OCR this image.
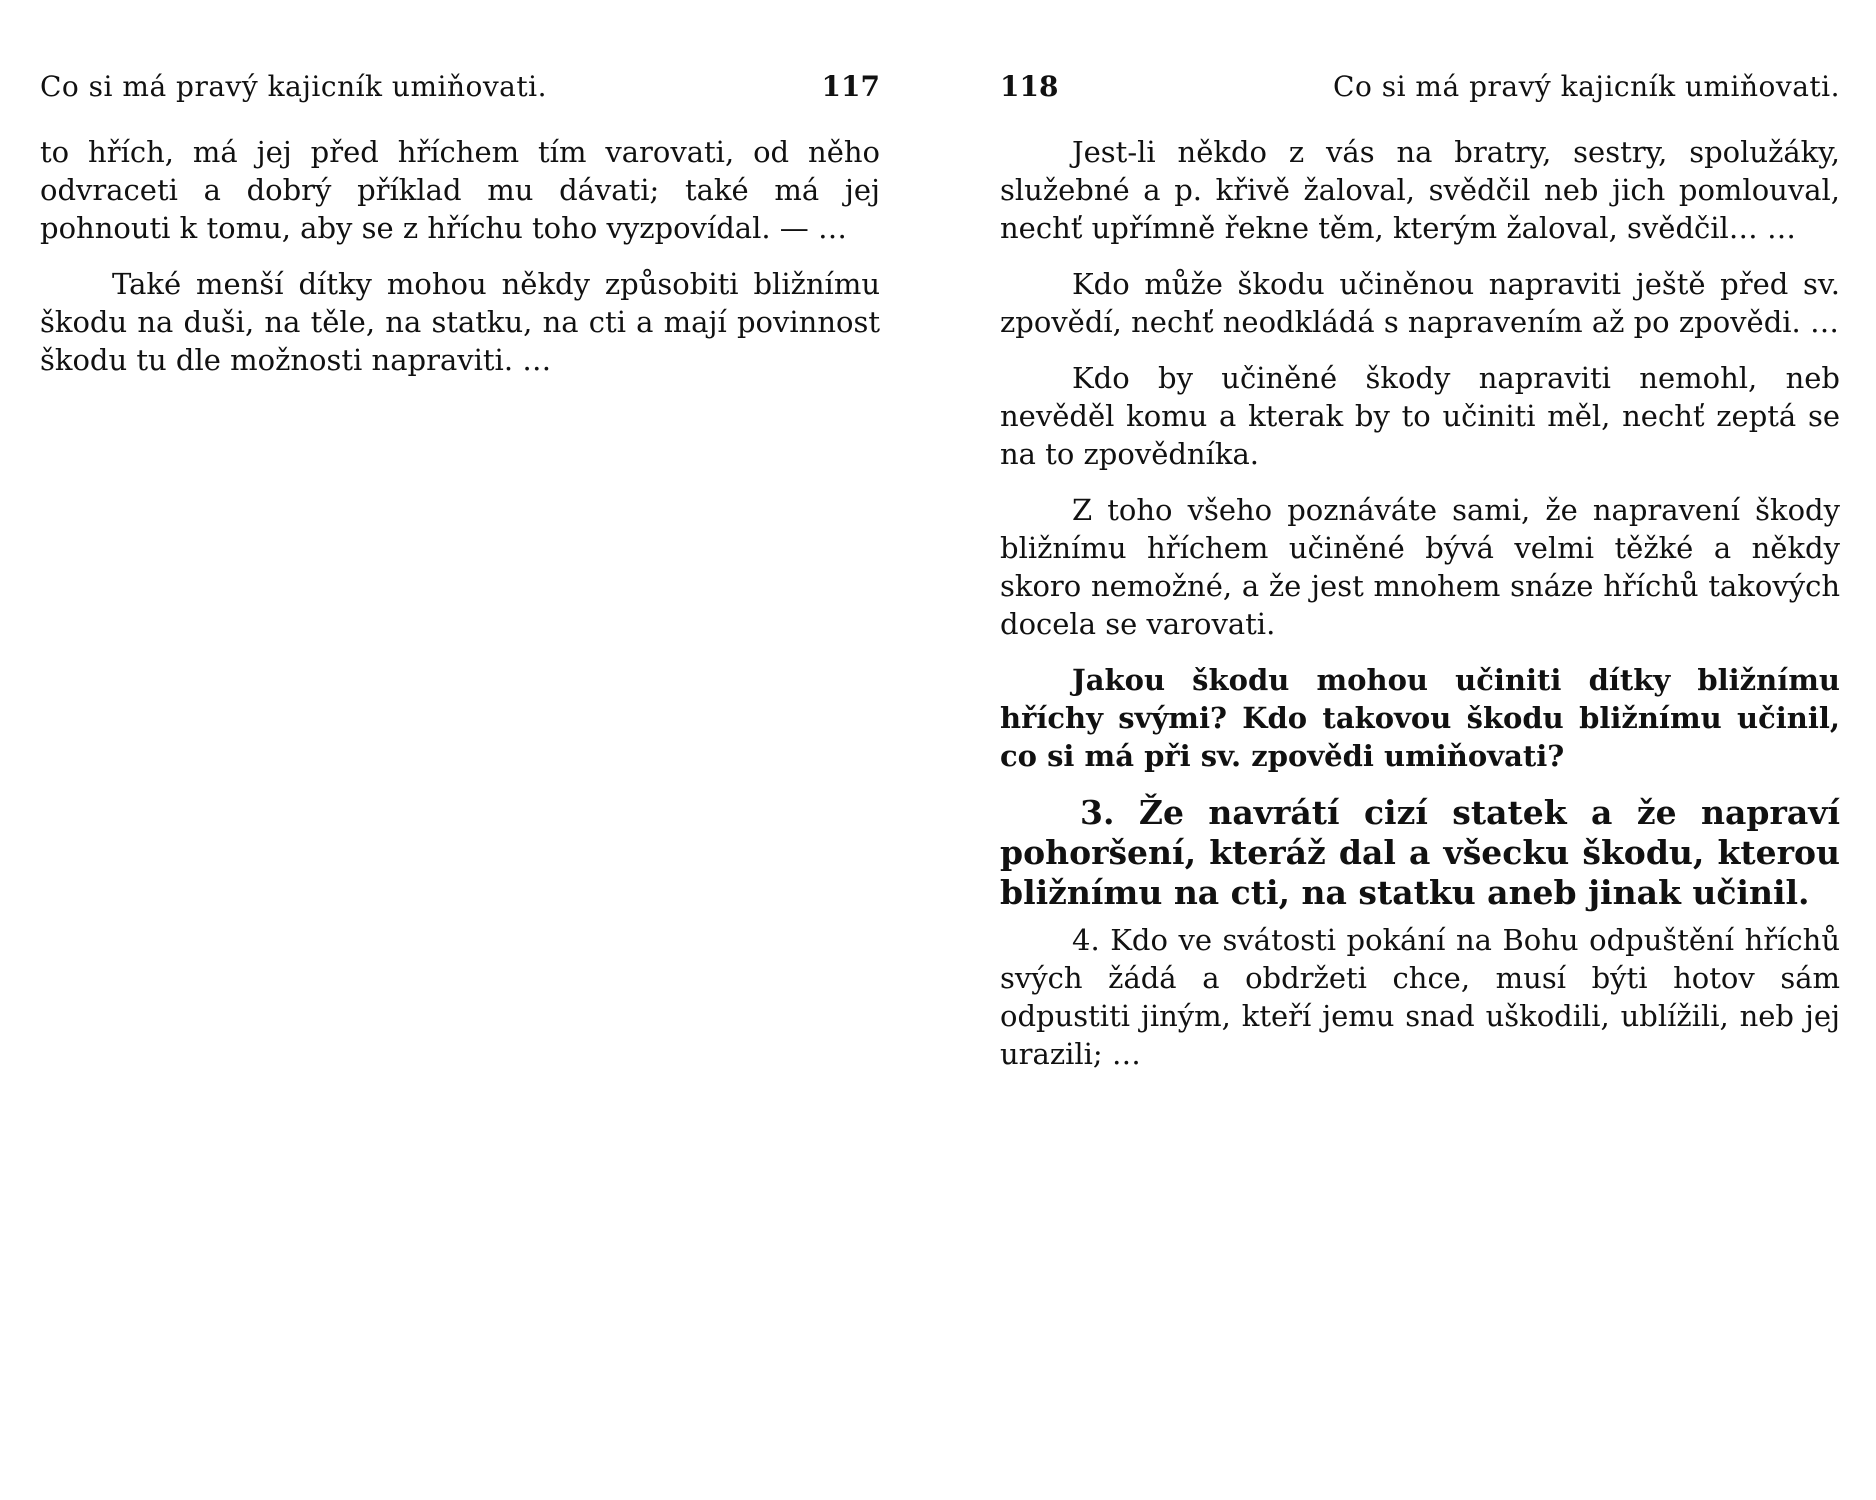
Co si má pravý kajicník umiňovati.	117

to hřích, má jej před hříchem tím varovati, od něho odvraceti a dobrý příklad mu dávati; také má jej pohnouti k tomu, aby se z hříchu toho vyzpovídal. — …

Také menší dítky mohou někdy způsobiti bližnímu škodu na duši, na těle, na statku, na cti a mají povinnost škodu tu dle možnosti napraviti. …

118	Co si má pravý kajicník umiňovati.

Jest-li někdo z vás na bratry, sestry, spolužáky, služebné a p. křivě žaloval, svědčil neb jich pomlouval, nechť upřímně řekne těm, kterým žaloval, svědčil… …

Kdo může škodu učiněnou napraviti ještě před sv. zpovědí, nechť neodkládá s napravením až po zpovědi. …

Kdo by učiněné škody napraviti nemohl, neb nevěděl komu a kterak by to učiniti měl, nechť zeptá se na to zpovědníka.

Z toho všeho poznáváte sami, že napravení škody bližnímu hříchem učiněné bývá velmi těžké a někdy skoro nemožné, a že jest mnohem snáze hříchů takových docela se varovati.

Jakou škodu mohou učiniti dítky bližnímu hříchy svými? Kdo takovou škodu bližnímu učinil, co si má při sv. zpovědi umiňovati?

3. Že navrátí cizí statek a že napraví pohoršení, kteráž dal a všecku škodu, kterou bližnímu na cti, na statku aneb jinak učinil.

4. Kdo ve svátosti pokání na Bohu odpuštění hříchů svých žádá a obdržeti chce, musí býti hotov sám odpustiti jiným, kteří jemu snad uškodili, ublížili, neb jej urazili; …
